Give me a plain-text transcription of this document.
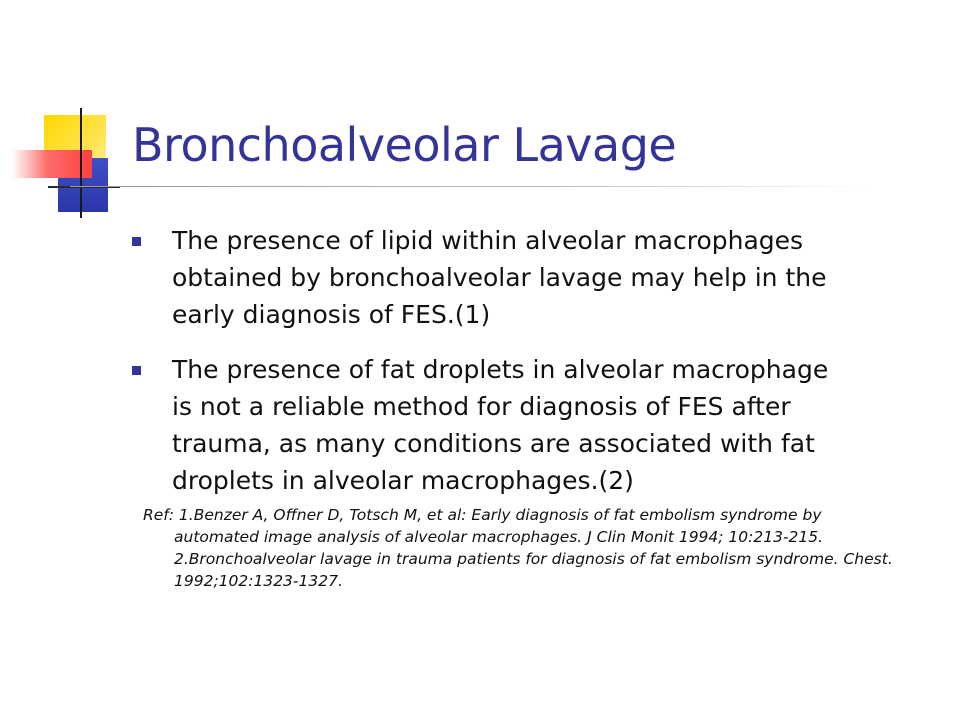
Bronchoalveolar Lavage
The presence of lipid within alveolar macrophages
obtained by bronchoalveolar lavage may help in the
early diagnosis of FES.(1)
The presence of fat droplets in alveolar macrophage
is not a reliable method for diagnosis of FES after
trauma, as many conditions are associated with fat
droplets in alveolar macrophages.(2)
Ref: 1.Benzer A, Offner D, Totsch M, et al: Early diagnosis of fat embolism syndrome by
automated image analysis of alveolar macrophages. J Clin Monit 1994; 10:213-215.
2.Bronchoalveolar lavage in trauma patients for diagnosis of fat embolism syndrome. Chest.
1992;102:1323-1327.
